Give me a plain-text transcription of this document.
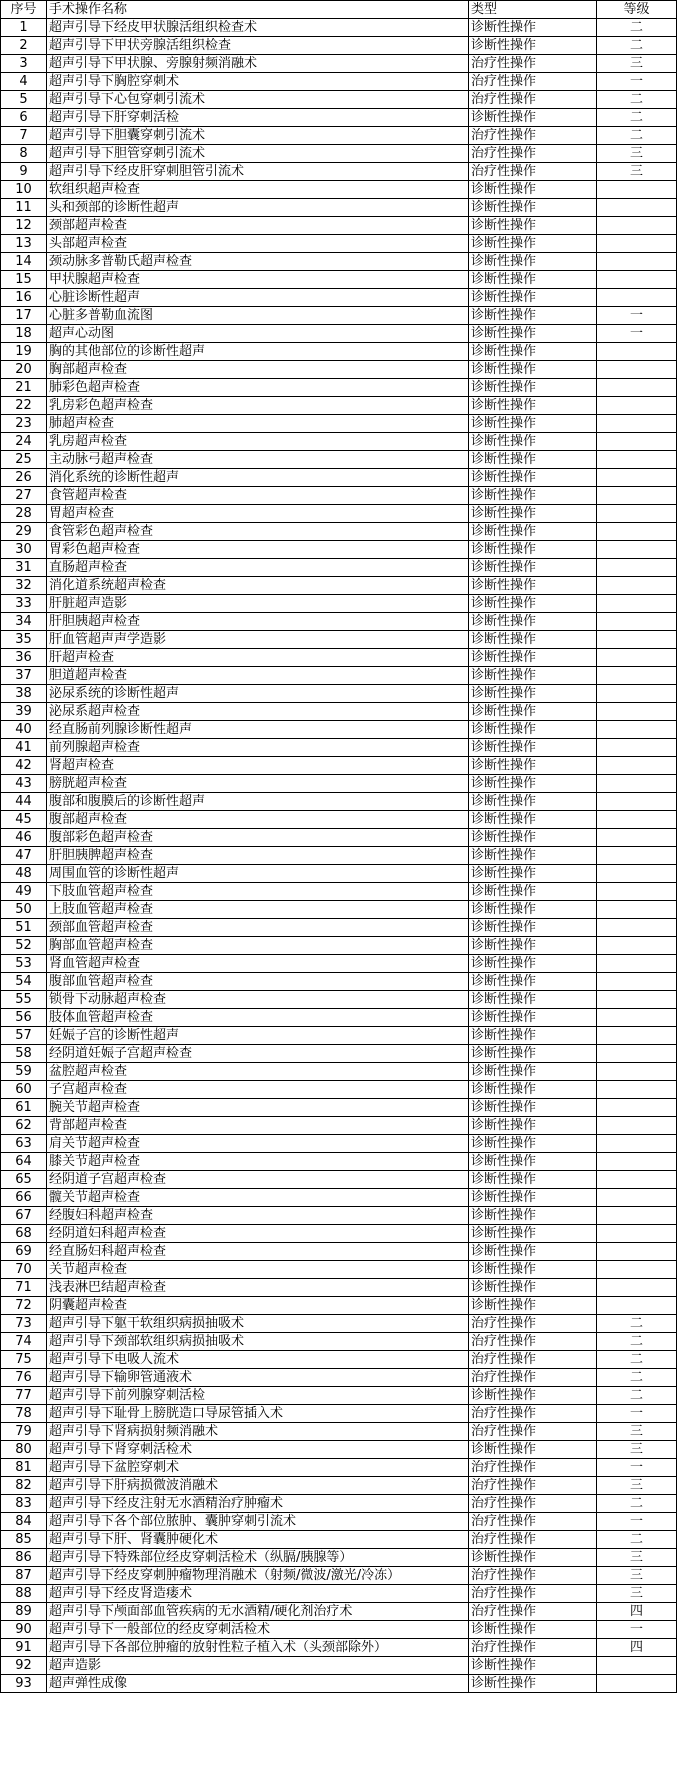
序号	手术操作名称	类型	等级
1	超声引导下经皮甲状腺活组织检查术	诊断性操作	二
2	超声引导下甲状旁腺活组织检查	诊断性操作	二
3	超声引导下甲状腺、旁腺射频消融术	治疗性操作	三
4	超声引导下胸腔穿刺术	治疗性操作	一
5	超声引导下心包穿刺引流术	治疗性操作	二
6	超声引导下肝穿刺活检	诊断性操作	二
7	超声引导下胆囊穿刺引流术	治疗性操作	二
8	超声引导下胆管穿刺引流术	治疗性操作	三
9	超声引导下经皮肝穿刺胆管引流术	治疗性操作	三
10	软组织超声检查	诊断性操作	
11	头和颈部的诊断性超声	诊断性操作	
12	颈部超声检查	诊断性操作	
13	头部超声检查	诊断性操作	
14	颈动脉多普勒氏超声检查	诊断性操作	
15	甲状腺超声检查	诊断性操作	
16	心脏诊断性超声	诊断性操作	
17	心脏多普勒血流图	诊断性操作	一
18	超声心动图	诊断性操作	一
19	胸的其他部位的诊断性超声	诊断性操作	
20	胸部超声检查	诊断性操作	
21	肺彩色超声检查	诊断性操作	
22	乳房彩色超声检查	诊断性操作	
23	肺超声检查	诊断性操作	
24	乳房超声检查	诊断性操作	
25	主动脉弓超声检查	诊断性操作	
26	消化系统的诊断性超声	诊断性操作	
27	食管超声检查	诊断性操作	
28	胃超声检查	诊断性操作	
29	食管彩色超声检查	诊断性操作	
30	胃彩色超声检查	诊断性操作	
31	直肠超声检查	诊断性操作	
32	消化道系统超声检查	诊断性操作	
33	肝脏超声造影	诊断性操作	
34	肝胆胰超声检查	诊断性操作	
35	肝血管超声声学造影	诊断性操作	
36	肝超声检查	诊断性操作	
37	胆道超声检查	诊断性操作	
38	泌尿系统的诊断性超声	诊断性操作	
39	泌尿系超声检查	诊断性操作	
40	经直肠前列腺诊断性超声	诊断性操作	
41	前列腺超声检查	诊断性操作	
42	肾超声检查	诊断性操作	
43	膀胱超声检查	诊断性操作	
44	腹部和腹膜后的诊断性超声	诊断性操作	
45	腹部超声检查	诊断性操作	
46	腹部彩色超声检查	诊断性操作	
47	肝胆胰脾超声检查	诊断性操作	
48	周围血管的诊断性超声	诊断性操作	
49	下肢血管超声检查	诊断性操作	
50	上肢血管超声检查	诊断性操作	
51	颈部血管超声检查	诊断性操作	
52	胸部血管超声检查	诊断性操作	
53	肾血管超声检查	诊断性操作	
54	腹部血管超声检查	诊断性操作	
55	锁骨下动脉超声检查	诊断性操作	
56	肢体血管超声检查	诊断性操作	
57	妊娠子宫的诊断性超声	诊断性操作	
58	经阴道妊娠子宫超声检查	诊断性操作	
59	盆腔超声检查	诊断性操作	
60	子宫超声检查	诊断性操作	
61	腕关节超声检查	诊断性操作	
62	背部超声检查	诊断性操作	
63	肩关节超声检查	诊断性操作	
64	膝关节超声检查	诊断性操作	
65	经阴道子宫超声检查	诊断性操作	
66	髋关节超声检查	诊断性操作	
67	经腹妇科超声检查	诊断性操作	
68	经阴道妇科超声检查	诊断性操作	
69	经直肠妇科超声检查	诊断性操作	
70	关节超声检查	诊断性操作	
71	浅表淋巴结超声检查	诊断性操作	
72	阴囊超声检查	诊断性操作	
73	超声引导下躯干软组织病损抽吸术	治疗性操作	二
74	超声引导下颈部软组织病损抽吸术	治疗性操作	二
75	超声引导下电吸人流术	治疗性操作	二
76	超声引导下输卵管通液术	治疗性操作	二
77	超声引导下前列腺穿刺活检	诊断性操作	二
78	超声引导下耻骨上膀胱造口导尿管插入术	治疗性操作	一
79	超声引导下肾病损射频消融术	治疗性操作	三
80	超声引导下肾穿刺活检术	诊断性操作	三
81	超声引导下盆腔穿刺术	治疗性操作	一
82	超声引导下肝病损微波消融术	治疗性操作	三
83	超声引导下经皮注射无水酒精治疗肿瘤术	治疗性操作	二
84	超声引导下各个部位脓肿、囊肿穿刺引流术	治疗性操作	一
85	超声引导下肝、肾囊肿硬化术	治疗性操作	二
86	超声引导下特殊部位经皮穿刺活检术（纵膈/胰腺等）	诊断性操作	三
87	超声引导下经皮穿刺肿瘤物理消融术（射频/微波/激光/冷冻）	治疗性操作	三
88	超声引导下经皮肾造瘘术	治疗性操作	三
89	超声引导下颅面部血管疾病的无水酒精/硬化剂治疗术	治疗性操作	四
90	超声引导下一般部位的经皮穿刺活检术	诊断性操作	一
91	超声引导下各部位肿瘤的放射性粒子植入术（头颈部除外）	治疗性操作	四
92	超声造影	诊断性操作	
93	超声弹性成像	诊断性操作	
